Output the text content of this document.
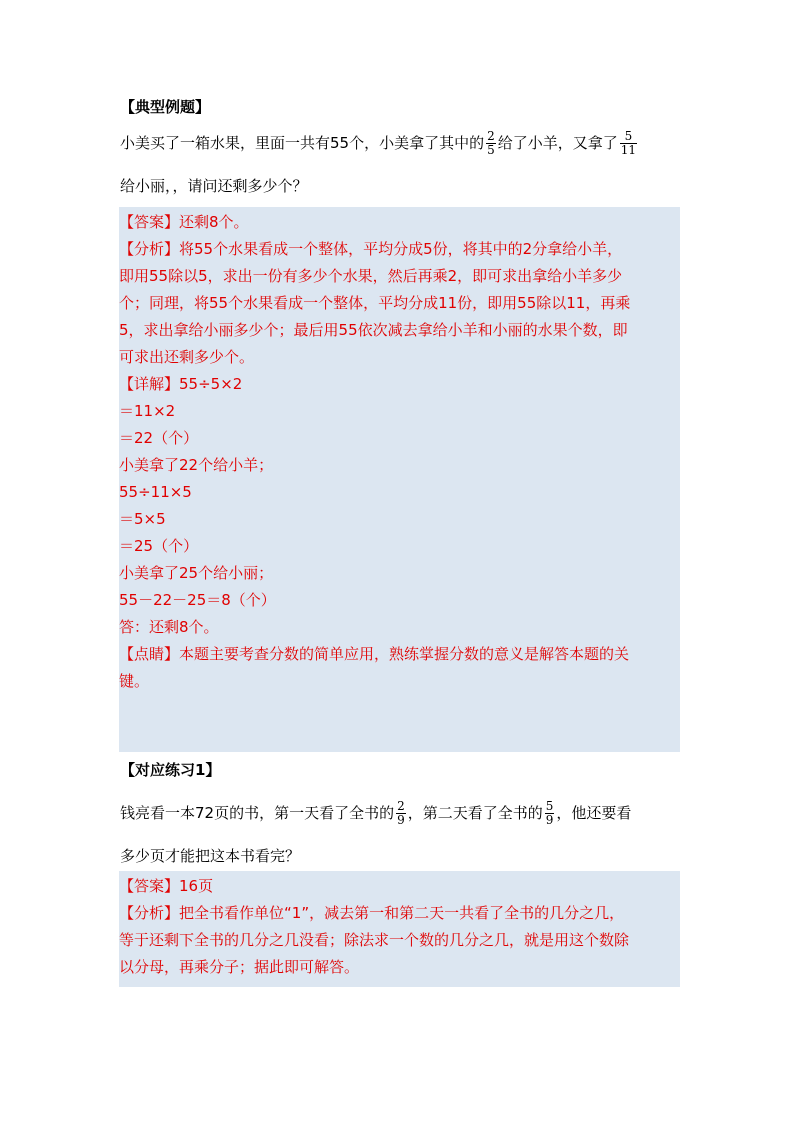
【典型例题】
小美买了一箱水果，里面一共有55个，小美拿了其中的 $\frac{2}{5}$ 给了小羊，又拿了 $\frac{5}{11}$
给小丽，，请问还剩多少个？
【答案】还剩8个。
【分析】将55个水果看成一个整体，平均分成5份，将其中的2分拿给小羊，
即用55除以5，求出一份有多少个水果，然后再乘2，即可求出拿给小羊多少
个；同理，将55个水果看成一个整体，平均分成11份，即用55除以11，再乘
5，求出拿给小丽多少个；最后用55依次减去拿给小羊和小丽的水果个数，即
可求出还剩多少个。
【详解】55÷5×2
＝11×2
＝22（个）
小美拿了22个给小羊；
55÷11×5
＝5×5
＝25（个）
小美拿了25个给小丽；
55－22－25＝8（个）
答：还剩8个。
【点睛】本题主要考查分数的简单应用，熟练掌握分数的意义是解答本题的关
键。
【对应练习1】
钱亮看一本72页的书，第一天看了全书的 $\frac{2}{9}$ ，第二天看了全书的 $\frac{5}{9}$ ，他还要看
多少页才能把这本书看完？
【答案】16页
【分析】把全书看作单位“1”，减去第一和第二天一共看了全书的几分之几，
等于还剩下全书的几分之几没看；除法求一个数的几分之几，就是用这个数除
以分母，再乘分子；据此即可解答。
